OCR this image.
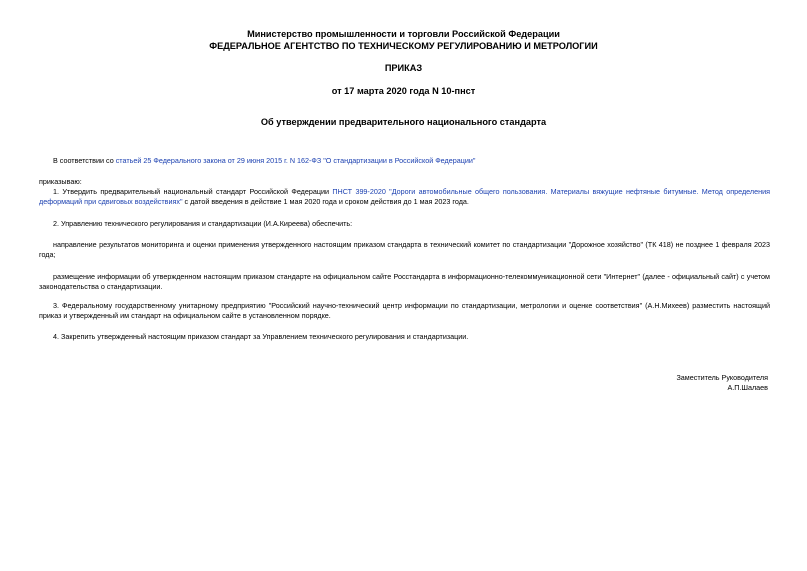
Министерство промышленности и торговли Российской Федерации
ФЕДЕРАЛЬНОЕ АГЕНТСТВО ПО ТЕХНИЧЕСКОМУ РЕГУЛИРОВАНИЮ И МЕТРОЛОГИИ
ПРИКАЗ
от 17 марта 2020 года N 10-пнст
Об утверждении предварительного национального стандарта
В соответствии со статьей 25 Федерального закона от 29 июня 2015 г. N 162-ФЗ "О стандартизации в Российской Федерации"
приказываю:
1. Утвердить предварительный национальный стандарт Российской Федерации ПНСТ 399-2020 "Дороги автомобильные общего пользования. Материалы вяжущие нефтяные битумные. Метод определения деформаций при сдвиговых воздействиях" с датой введения в действие 1 мая 2020 года и сроком действия до 1 мая 2023 года.
2. Управлению технического регулирования и стандартизации (И.А.Киреева) обеспечить:
направление результатов мониторинга и оценки применения утвержденного настоящим приказом стандарта в технический комитет по стандартизации "Дорожное хозяйство" (ТК 418) не позднее 1 февраля 2023 года;
размещение информации об утвержденном настоящим приказом стандарте на официальном сайте Росстандарта в информационно-телекоммуникационной сети "Интернет" (далее - официальный сайт) с учетом законодательства о стандартизации.
3. Федеральному государственному унитарному предприятию "Российский научно-технический центр информации по стандартизации, метрологии и оценке соответствия" (А.Н.Михеев) разместить настоящий приказ и утвержденный им стандарт на официальном сайте в установленном порядке.
4. Закрепить утвержденный настоящим приказом стандарт за Управлением технического регулирования и стандартизации.
Заместитель Руководителя
А.П.Шалаев
